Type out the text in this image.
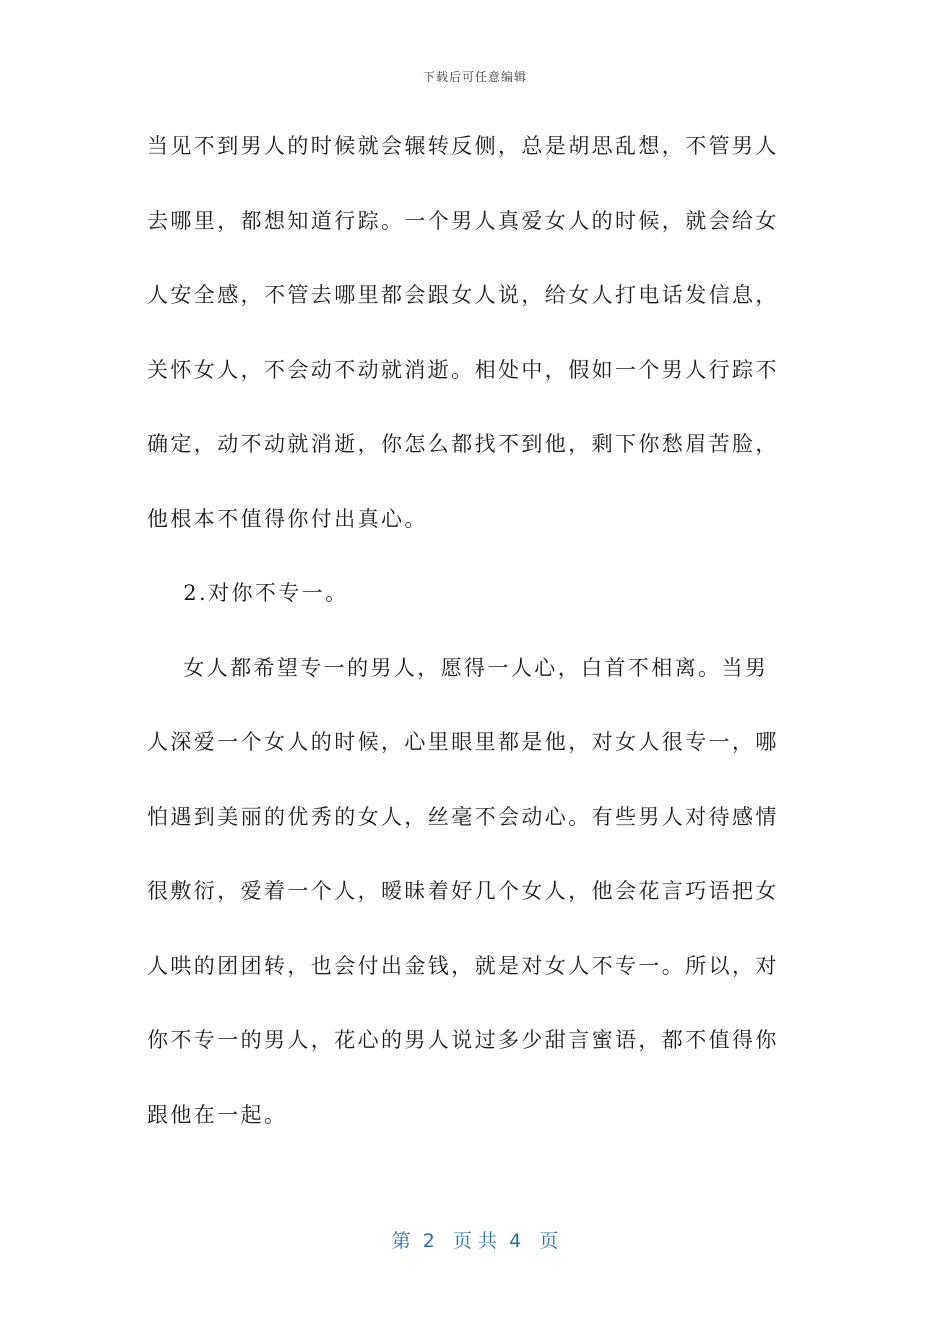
下载后可任意编辑
当见不到男人的时候就会辗转反侧，总是胡思乱想，不管男人
去哪里，都想知道行踪。一个男人真爱女人的时候，就会给女
人安全感，不管去哪里都会跟女人说，给女人打电话发信息，
关怀女人，不会动不动就消逝。相处中，假如一个男人行踪不
确定，动不动就消逝，你怎么都找不到他，剩下你愁眉苦脸，
他根本不值得你付出真心。
2.对你不专一。
女人都希望专一的男人，愿得一人心，白首不相离。当男
人深爱一个女人的时候，心里眼里都是他，对女人很专一，哪
怕遇到美丽的优秀的女人，丝毫不会动心。有些男人对待感情
很敷衍，爱着一个人，暧昧着好几个女人，他会花言巧语把女
人哄的团团转，也会付出金钱，就是对女人不专一。所以，对
你不专一的男人，花心的男人说过多少甜言蜜语，都不值得你
跟他在一起。
第  2   页 共  4   页
